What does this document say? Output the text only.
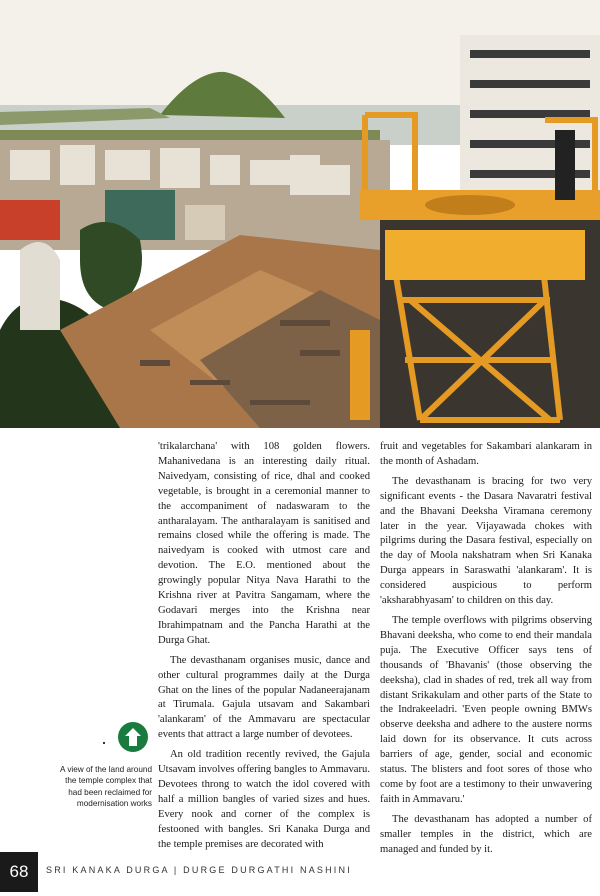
'trikalarchana' with 108 golden flowers. Mahanivedana is an interesting daily ritual. Naivedyam, consisting of rice, dhal and cooked vegetable, is brought in a ceremonial manner to the accompaniment of nadaswaram to the antharalayam. The antharalayam is sanitised and remains closed while the offering is made. The naivedyam is cooked with utmost care and devotion. The E.O. mentioned about the growingly popular Nitya Nava Harathi to the Krishna river at Pavitra Sangamam, where the Godavari merges into the Krishna near Ibrahimpatnam and the Pancha Harathi at the Durga Ghat.

The devasthanam organises music, dance and other cultural programmes daily at the Durga Ghat on the lines of the popular Nadaneerajanam at Tirumala. Gajula utsavam and Sakambari 'alankaram' of the Ammavaru are spectacular events that attract a large number of devotees.

An old tradition recently revived, the Gajula Utsavam involves offering bangles to Ammavaru. Devotees throng to watch the idol covered with half a million bangles of varied sizes and hues. Every nook and corner of the complex is festooned with bangles. Sri Kanaka Durga and the temple premises are decorated with

fruit and vegetables for Sakambari alankaram in the month of Ashadam.

The devasthanam is bracing for two very significant events - the Dasara Navaratri festival and the Bhavani Deeksha Viramana ceremony later in the year. Vijayawada chokes with pilgrims during the Dasara festival, especially on the day of Moola nakshatram when Sri Kanaka Durga appears in Saraswathi 'alankaram'. It is considered auspicious to perform 'aksharabhyasam' to children on this day.

The temple overflows with pilgrims observing Bhavani deeksha, who come to end their mandala puja. The Executive Officer says tens of thousands of 'Bhavanis' (those observing the deeksha), clad in shades of red, trek all way from distant Srikakulam and other parts of the State to the Indrakeeladri. 'Even people owning BMWs observe deeksha and adhere to the austere norms laid down for its observance. It cuts across barriers of age, gender, social and economic status. The blisters and foot sores of those who come by foot are a testimony to their unwavering faith in Ammavaru.'

The devasthanam has adopted a number of smaller temples in the district, which are managed and funded by it.

A view of the land around the temple complex that had been reclaimed for modernisation works
68	SRI KANAKA DURGA | DURGE DURGATHI NASHINI
